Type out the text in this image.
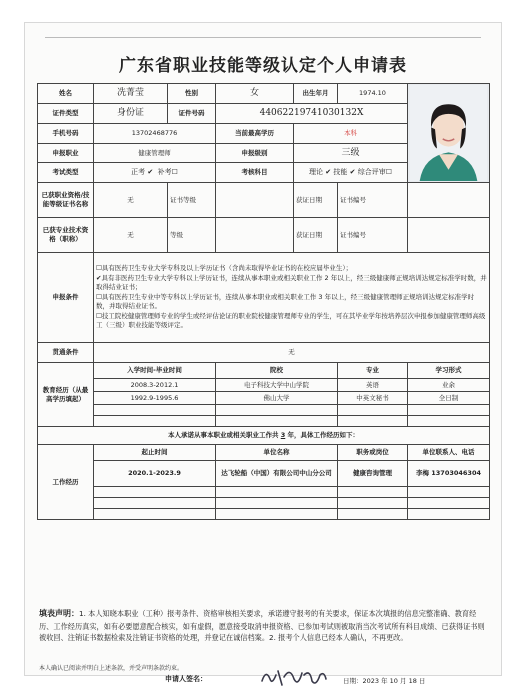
广东省职业技能等级认定个人申请表
姓名	冼菁莹	性别	女	出生年月	1974.10	

证件类型	身份证	证件号码	440622197410301​32X			
手机号码	13702468776		当前最高学历	本科		
申报职业	健康管理师		申报级别	三级		
考试类型	正考 ✔ 补考☐		考核科目	理论 ✔ 技能 ✔ 综合评审☐		
已获职业资格/技能等级证书名称	无	证书等级		获证日期	证书编号	
已获专业技术资格（职称）	无	等级		获证日期	证书编号	
申报条件	☐具有医药卫生专业大学专科及以上学历证书（含尚未取得毕业证书的在校应届毕业生）；

✔具有非医药卫生专业大学专科以上学历证书，连续从事本职业或相关职业工作 2 年以上，经三级健康师正规培训达规定标准学时数，并取得结业证书；

☐具有医药卫生专业中等专科以上学历证书，连续从事本职业或相关职业工作 3 年以上，经三级健康管理师正规培训达规定标准学时数，并取得结业证书。

☐技工院校健康管理师专业的学生或经评估论证的职业院校健康管理师专业的学生，可在其毕业学年按培养层次申报参加健康管理师高级工（三级）职业技能等级评定。					

贯通条件	无					
教育经历（从最高学历填起）	入学时间-毕业时间		院校		专业	学习形式
	2008.3-2012.1		电子科技大学中山学院		英语	业余
	1992.9-1995.6		佛山大学		中英文秘书	全日制

本人承诺从事本职业或相关职业工作共 3 年，具体工作经历如下：						
工作经历	起止时间		单位名称		职务或岗位	单位联系人、电话
	2020.1-2023.9		达飞轮船（中国）有限公司中山分公司		健康咨询管理	李梅 13703046304

填表声明：1. 本人知晓本职业（工种）报考条件、资格审核相关要求，承诺遵守报考的有关要求，保证本次填报的信息完整准确、教育经历、工作经历真实，如有必要愿意配合核实，如有虚假，愿意接受取消申报资格、已参加考试则被取消当次考试所有科目成绩、已获得证书则被收回、注销证书数据检索及注销证书资格的处理，并登记在诚信档案。2. 报考个人信息已经本人确认，不再更改。
本人确认已阅读并明白上述条款，并受声明条款约束。
申请人签名：	日期：2023 年 10 月 18 日
